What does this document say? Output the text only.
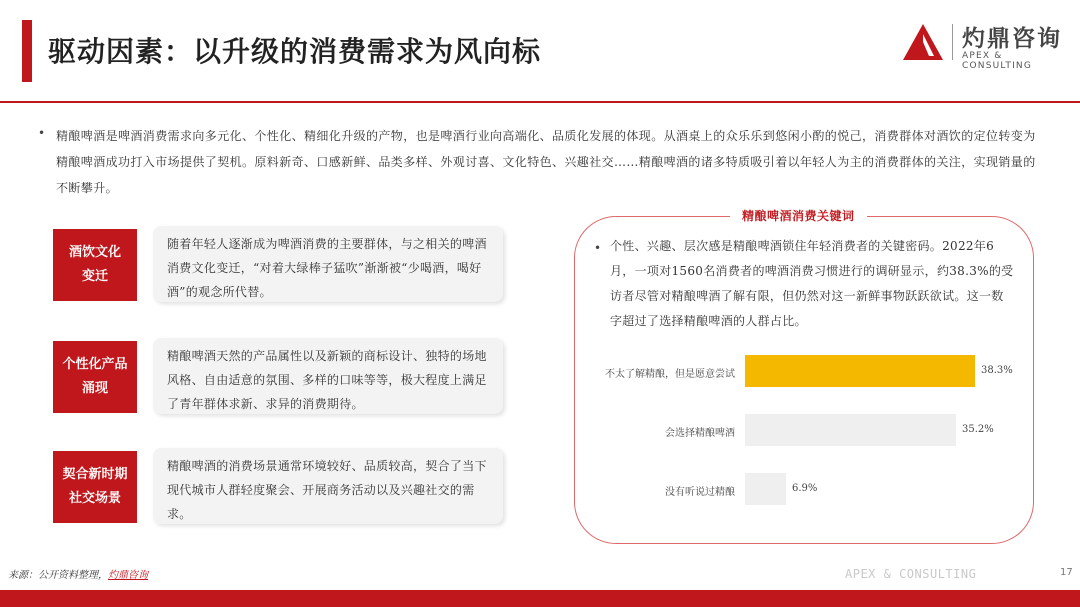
驱动因素：以升级的消费需求为风向标	灼鼎咨询
APEX & CONSULTING
• 精酿啤酒是啤酒消费需求向多元化、个性化、精细化升级的产物，也是啤酒行业向高端化、品质化发展的体现。从酒桌上的众乐乐到悠闲小酌的悦己，消费群体对酒饮的定位转变为精酿啤酒成功打入市场提供了契机。原料新奇、口感新鲜、品类多样、外观讨喜、文化特色、兴趣社交……精酿啤酒的诸多特质吸引着以年轻人为主的消费群体的关注，实现销量的不断攀升。
酒饮文化
变迁
随着年轻人逐渐成为啤酒消费的主要群体，与之相关的啤酒消费文化变迁，“对着大绿棒子猛吹”渐渐被“少喝酒，喝好酒”的观念所代替。
个性化产品
涌现
精酿啤酒天然的产品属性以及新颖的商标设计、独特的场地风格、自由适意的氛围、多样的口味等等，极大程度上满足了青年群体求新、求异的消费期待。
契合新时期
社交场景
精酿啤酒的消费场景通常环境较好、品质较高，契合了当下现代城市人群轻度聚会、开展商务活动以及兴趣社交的需求。
精酿啤酒消费关键词
• 个性、兴趣、层次感是精酿啤酒锁住年轻消费者的关键密码。2022年6月，一项对1560名消费者的啤酒消费习惯进行的调研显示，约38.3%的受访者尽管对精酿啤酒了解有限，但仍然对这一新鲜事物跃跃欲试。这一数字超过了选择精酿啤酒的人群占比。
不太了解精酿，但是愿意尝试	38.3%
会选择精酿啤酒	35.2%
没有听说过精酿	6.9%
来源：公开资料整理，灼鼎咨询	APEX & CONSULTING	17
